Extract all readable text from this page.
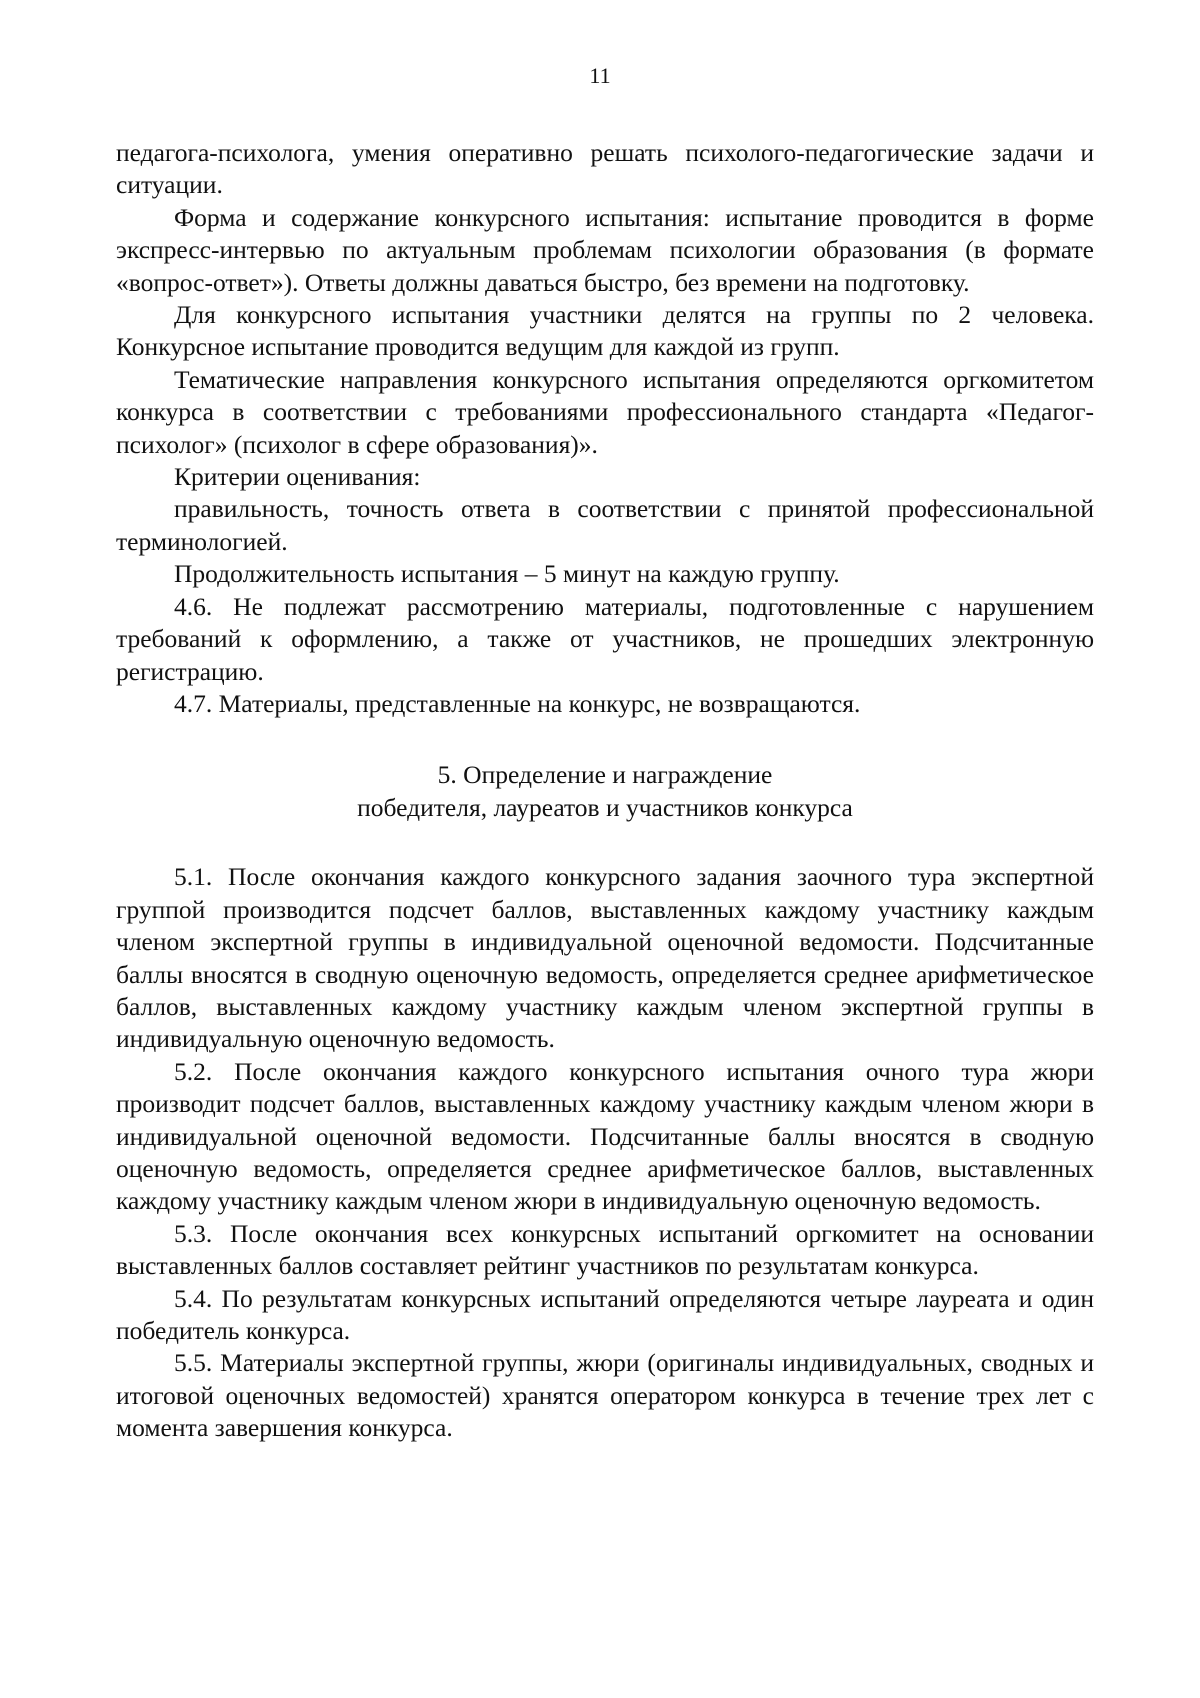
11

педагога-психолога, умения оперативно решать психолого-педагогические задачи и ситуации.

Форма и содержание конкурсного испытания: испытание проводится в форме экспресс-интервью по актуальным проблемам психологии образования (в формате «вопрос-ответ»). Ответы должны даваться быстро, без времени на подготовку.

Для конкурсного испытания участники делятся на группы по 2 человека. Конкурсное испытание проводится ведущим для каждой из групп.

Тематические направления конкурсного испытания определяются оргкомитетом конкурса в соответствии с требованиями профессионального стандарта «Педагог-психолог» (психолог в сфере образования)».

Критерии оценивания:

правильность, точность ответа в соответствии с принятой профессиональной терминологией.

Продолжительность испытания – 5 минут на каждую группу.

4.6. Не подлежат рассмотрению материалы, подготовленные с нарушением требований к оформлению, а также от участников, не прошедших электронную регистрацию.

4.7. Материалы, представленные на конкурс, не возвращаются.

5. Определение и награждение
победителя, лауреатов и участников конкурса

5.1. После окончания каждого конкурсного задания заочного тура экспертной группой производится подсчет баллов, выставленных каждому участнику каждым членом экспертной группы в индивидуальной оценочной ведомости. Подсчитанные баллы вносятся в сводную оценочную ведомость, определяется среднее арифметическое баллов, выставленных каждому участнику каждым членом экспертной группы в индивидуальную оценочную ведомость.

5.2. После окончания каждого конкурсного испытания очного тура жюри производит подсчет баллов, выставленных каждому участнику каждым членом жюри в индивидуальной оценочной ведомости. Подсчитанные баллы вносятся в сводную оценочную ведомость, определяется среднее арифметическое баллов, выставленных каждому участнику каждым членом жюри в индивидуальную оценочную ведомость.

5.3. После окончания всех конкурсных испытаний оргкомитет на основании выставленных баллов составляет рейтинг участников по результатам конкурса.

5.4. По результатам конкурсных испытаний определяются четыре лауреата и один победитель конкурса.

5.5. Материалы экспертной группы, жюри (оригиналы индивидуальных, сводных и итоговой оценочных ведомостей) хранятся оператором конкурса в течение трех лет с момента завершения конкурса.
